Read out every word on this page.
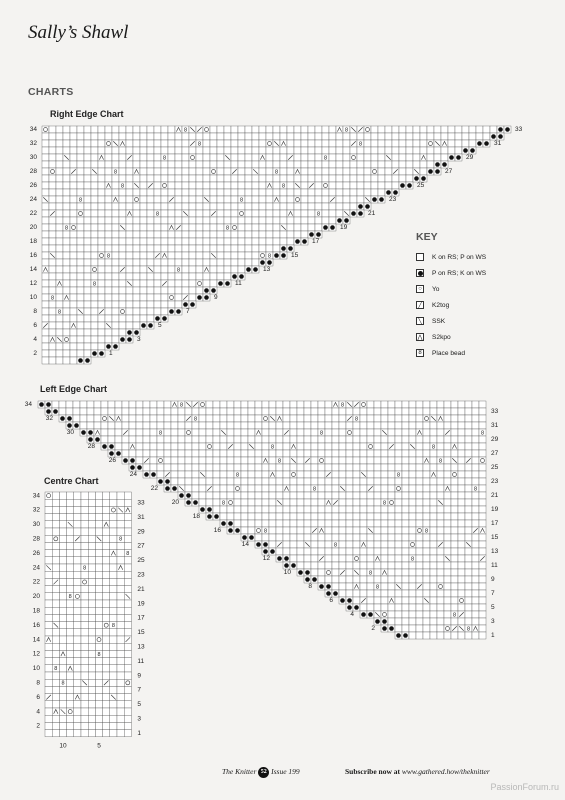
Sally’s Shawl
CHARTS
Right Edge Chart
Left Edge Chart
Centre Chart
8	8
8	8
8	8
8	8
8	8
8	8
8	8
8	8
8	8
8
8
8
8
34
32
30
28
26
24
22
20
18
16
14
12
10
8
6
4
2
33
31
29
27
25
23
21
19
17
15
13
11
9
7
5
3
1
8	8
8	8
8	8	8
8	8
8	8
8	8
8	8
8	8
8	8
8
8
8
8
8
8
34
32
30
28
26
24
22
20
18
16
14
12
10
8
6
4
2
33
31
29
27
25
23
21
19
17
15
13
11
9
7
5
3
1
8
8
8
8
8
8
8
8
34
32
30
28
26
24
22
20
18
16
14
12
10
8
6
4
2
33
31
29
27
25
23
21
19
17
15
13
11
9
7
5
3
1
10	5
KEY
K on RS; P on WS
P on RS; K on WS
○	Yo
╱	K2tog
╲	SSK
⋀ S2kpo
8	Place bead
The Knitter 52 Issue 199	Subscribe now at www.gathered.how/theknitter
PassionForum.ru
